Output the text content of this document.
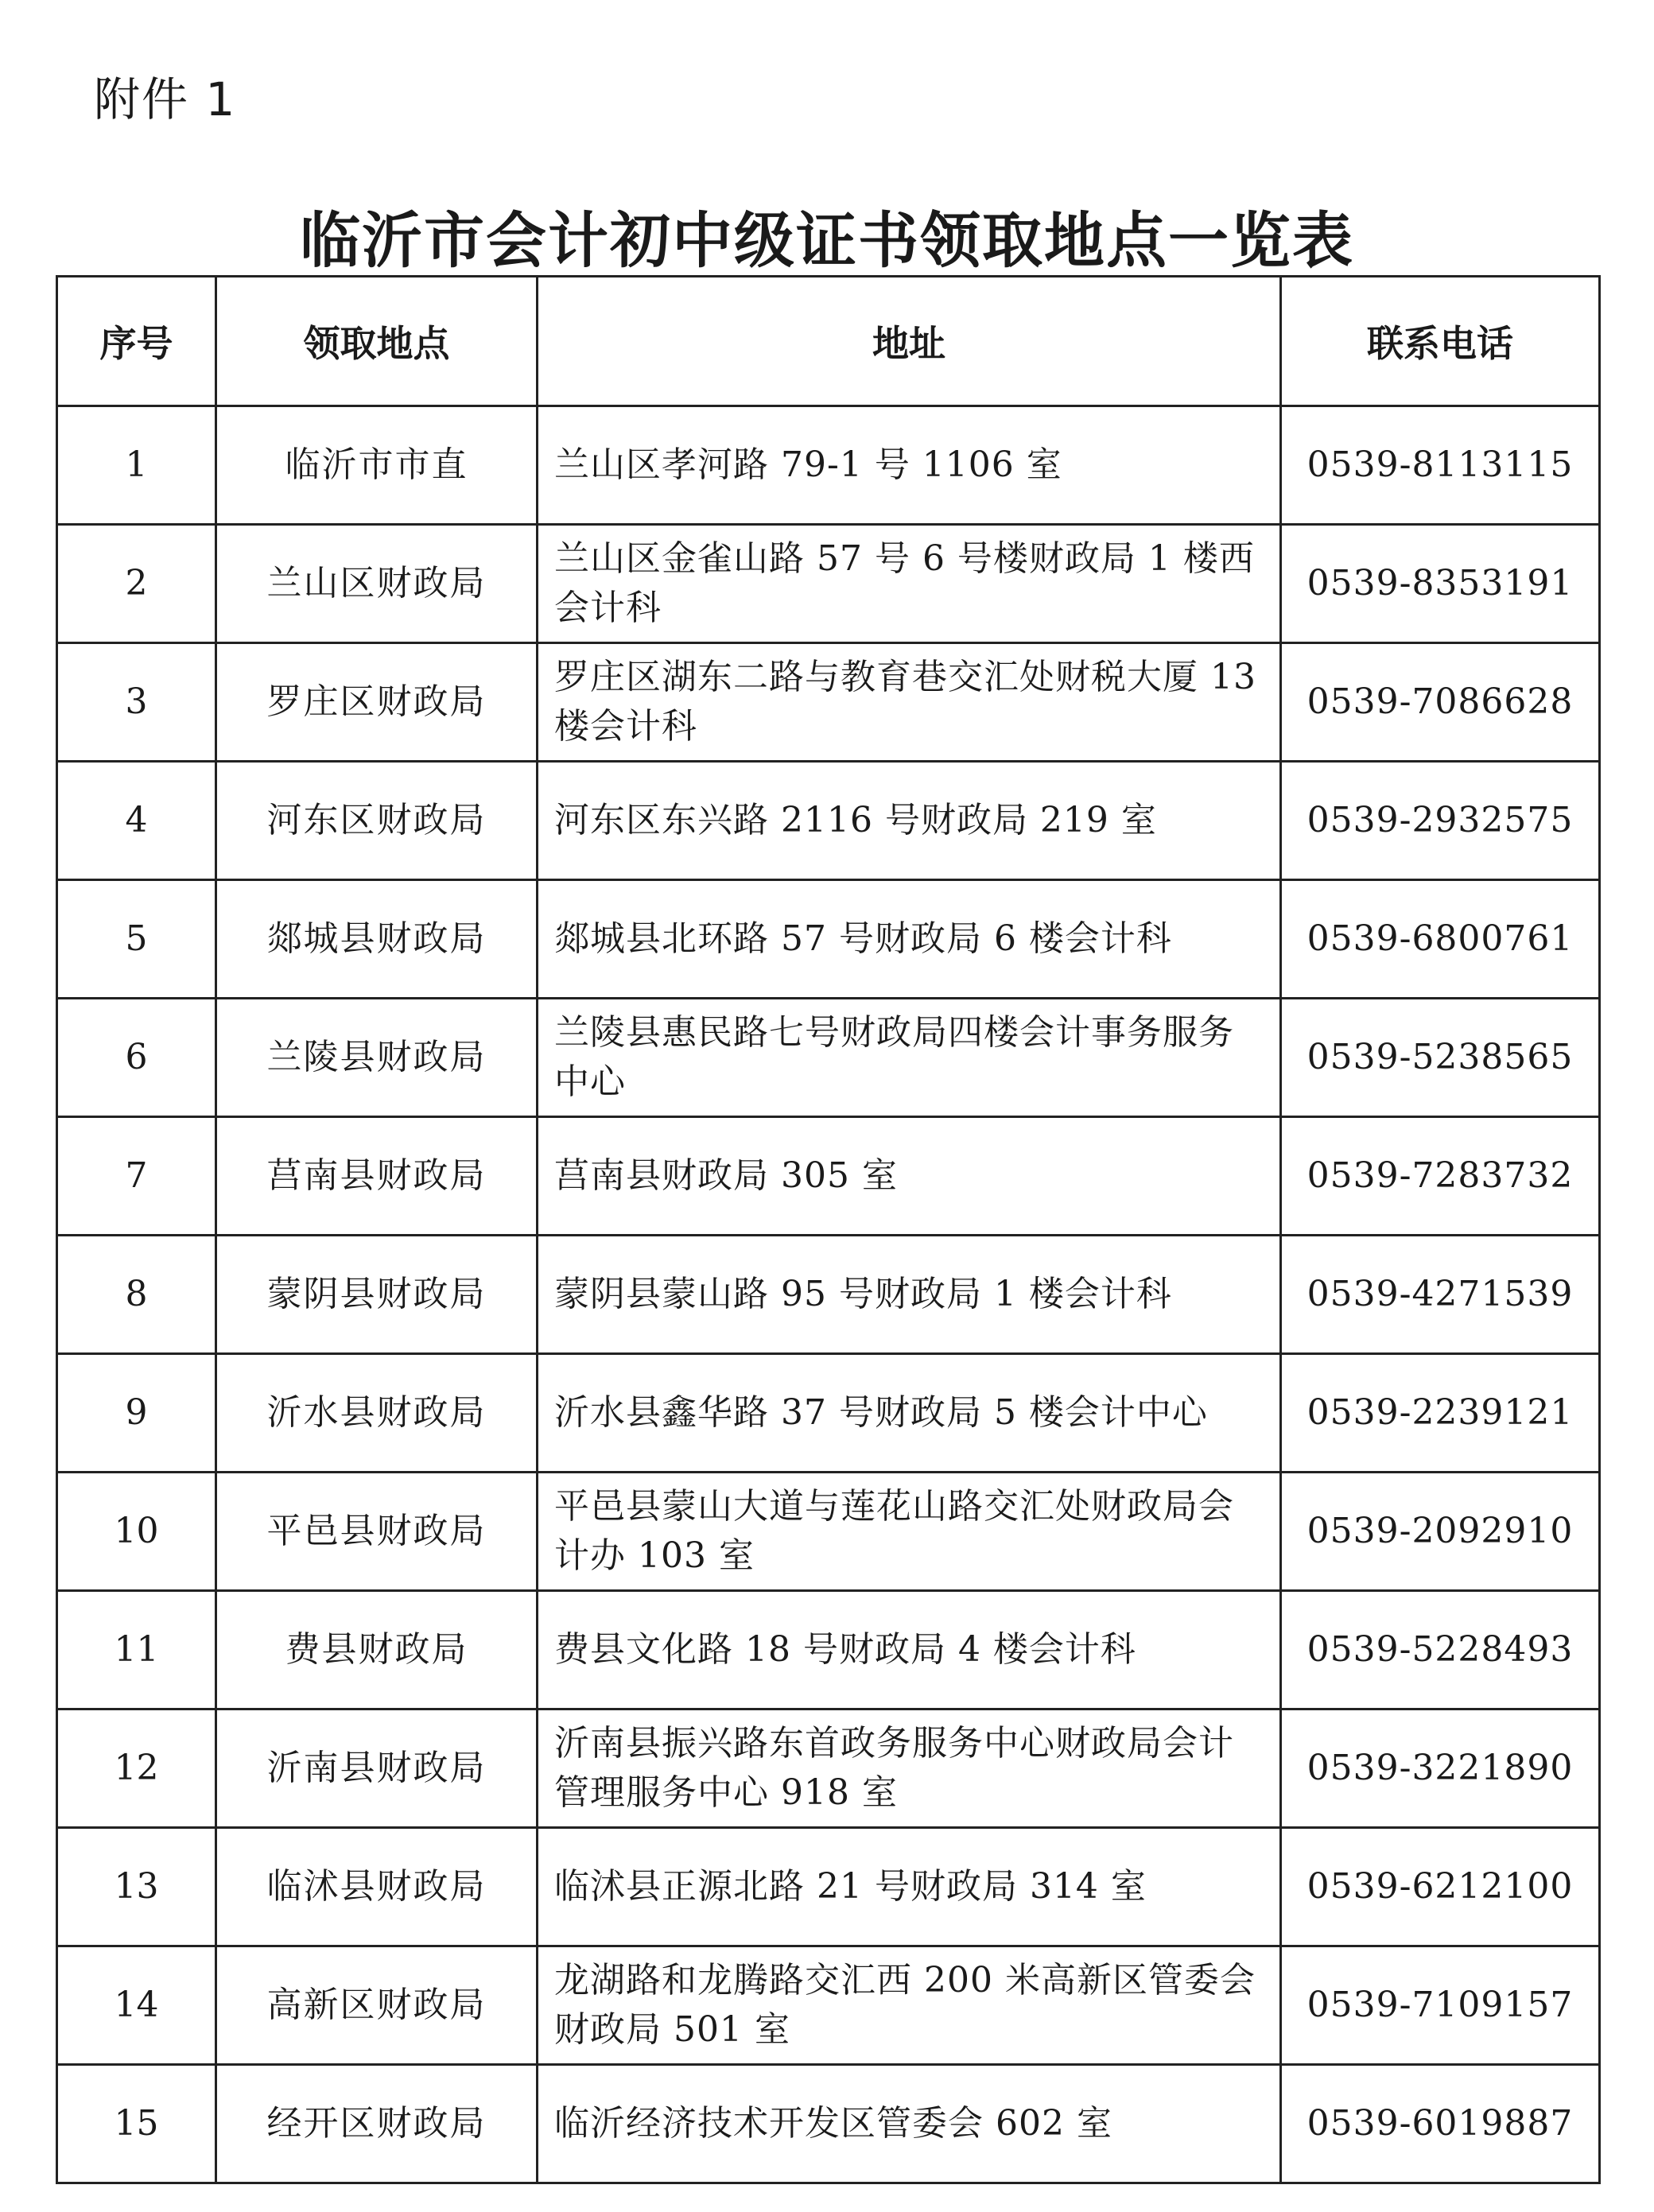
附件 1
临沂市会计初中级证书领取地点一览表
序号	领取地点	地址	联系电话
1	临沂市市直	兰山区孝河路 79-1 号 1106 室	0539-8113115
2	兰山区财政局	兰山区金雀山路 57 号 6 号楼财政局 1 楼西会计科	0539-8353191
3	罗庄区财政局	罗庄区湖东二路与教育巷交汇处财税大厦 13 楼会计科	0539-7086628
4	河东区财政局	河东区东兴路 2116 号财政局 219 室	0539-2932575
5	郯城县财政局	郯城县北环路 57 号财政局 6 楼会计科	0539-6800761
6	兰陵县财政局	兰陵县惠民路七号财政局四楼会计事务服务中心	0539-5238565
7	莒南县财政局	莒南县财政局 305 室	0539-7283732
8	蒙阴县财政局	蒙阴县蒙山路 95 号财政局 1 楼会计科	0539-4271539
9	沂水县财政局	沂水县鑫华路 37 号财政局 5 楼会计中心	0539-2239121
10	平邑县财政局	平邑县蒙山大道与莲花山路交汇处财政局会计办 103 室	0539-2092910
11	费县财政局	费县文化路 18 号财政局 4 楼会计科	0539-5228493
12	沂南县财政局	沂南县振兴路东首政务服务中心财政局会计管理服务中心 918 室	0539-3221890
13	临沭县财政局	临沭县正源北路 21 号财政局 314 室	0539-6212100
14	高新区财政局	龙湖路和龙腾路交汇西 200 米高新区管委会财政局 501 室	0539-7109157
15	经开区财政局	临沂经济技术开发区管委会 602 室	0539-6019887
